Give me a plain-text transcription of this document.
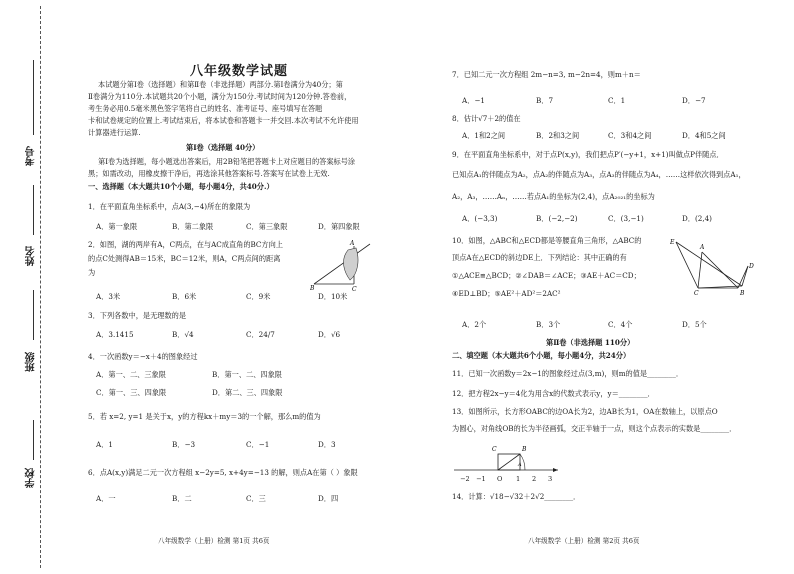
学校
班级
姓名
考号
八年级数学试题
本试题分第Ⅰ卷（选择题）和第Ⅱ卷（非选择题）两部分.第Ⅰ卷满分为40分；第
Ⅱ卷满分为110分.本试题共20个小题，满分为150分.考试时间为120分钟.答卷前，
考生务必用0.5毫米黑色签字笔将自己的姓名、准考证号、座号填写在答题
卡和试卷规定的位置上.考试结束后，将本试卷和答题卡一并交回.本次考试不允许使用
计算器进行运算.
第Ⅰ卷（选择题 40分）
第Ⅰ卷为选择题，每小题选出答案后，用2B铅笔把答题卡上对应题目的答案标号涂
黑；如需改动，用橡皮擦干净后，再选涂其他答案标号.答案写在试卷上无效.
一、选择题（本大题共10个小题，每小题4分，共40分.）
1．在平面直角坐标系中，点A(3,−4)所在的象限为
A．第一象限	B．第二象限	C．第三象限	D．第四象限
2．如图，湖的两岸有A，C两点，在与AC成直角的BC方向上
的点C处测得AB＝15米，BC＝12米，则A，C两点间的距离
为
A
B	C
A．3米	B．6米	C．9米	D．10米
3．下列各数中，是无理数的是
A．3.1415	B．√4	C．24/7	D．√6
4．一次函数y＝−x＋4的图象经过
A．第一、二、三象限	B．第一、二、四象限
C．第一、三、四象限	D．第二、三、四象限
5．若 x=2, y=1 是关于x，y的方程kx＋my＝3的一个解，那么m的值为
A．1	B．−3	C．−1	D．3
6．点A(x,y)满足二元一次方程组 x−2y=5, x+4y=−13 的解，则点A在第（ ）象限
A．一	B．二	C．三	D．四
八年级数学（上册）检测 第1页 共6页
7．已知二元一次方程组 2m−n=3, m−2n=4，则m＋n＝
A．−1	B．7	C．1	D．−7
8．估计√7＋2的值在
A．1和2之间	B．2和3之间	C．3和4之间	D．4和5之间
9．在平面直角坐标系中，对于点P(x,y)，我们把点P′(−y+1，x+1)叫做点P伴随点．
已知点A₁的伴随点为A₂，点A₂的伴随点为A₃，点A₃的伴随点为A₄，……这样依次得到点A₁，
A₂，A₃，……Aₙ，……若点A₁的坐标为(2,4)，点A₂₀₂₁的坐标为
A．(−3,3)	B．(−2,−2)	C．(3,−1)	D．(2,4)
10．如图，△ABC和△ECD都是等腰直角三角形，△ABC的
顶点A在△ECD的斜边DE上．下列结论：其中正确的有
①△ACE≌△BCD；②∠DAB＝∠ACE；③AE＋AC＝CD；
④ED⊥BD；⑤AE²＋AD²＝2AC²
E
A
D
C	B
A．2个	B．3个	C．4个	D．5个
第Ⅱ卷（非选择题 110分）
二、填空题（本大题共6个小题，每小题4分，共24分）
11．已知一次函数y＝2x−1的图象经过点(3,m)，则m的值是________．
12．把方程2x−y＝4化为用含x的代数式表示y，y＝________．
13．如图所示，长方形OABC的边OA长为2，边AB长为1，OA在数轴上，以原点O
为圆心，对角线OB的长为半径画弧，交正半轴于一点，则这个点表示的实数是________．
C	B
A
−2 −1 O 1 2 3
14．计算：√18−√32＋2√2________．
八年级数学（上册）检测 第2页 共6页
